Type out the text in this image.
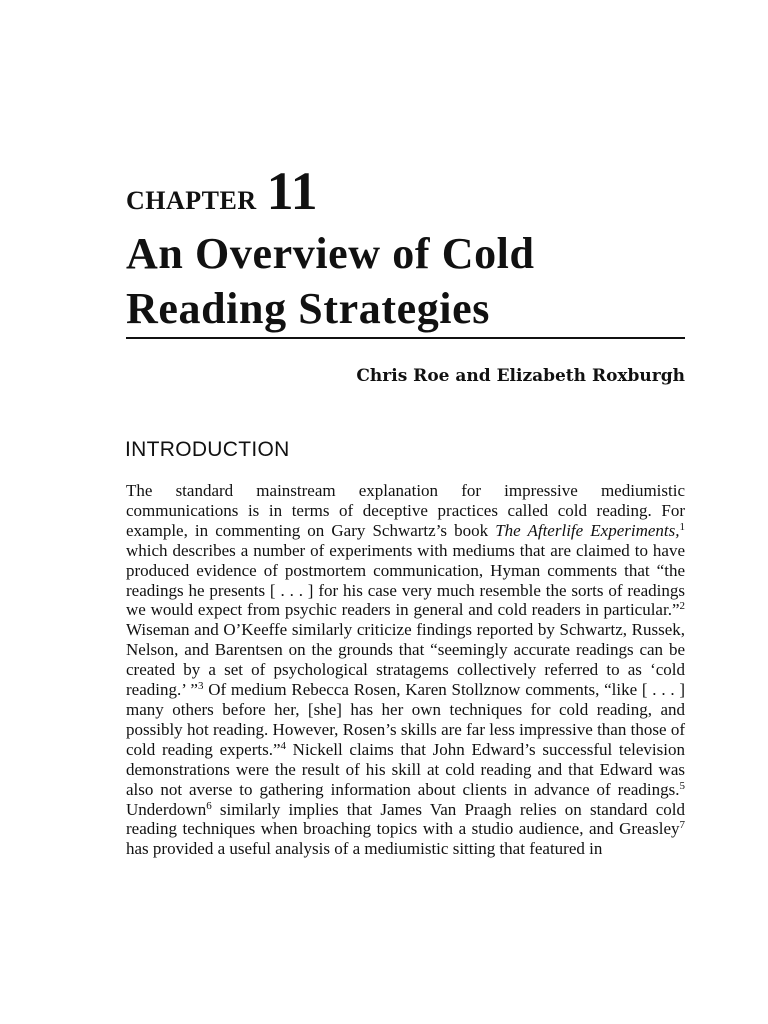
CHAPTER 11
An Overview of Cold
Reading Strategies
Chris Roe and Elizabeth Roxburgh
INTRODUCTION

The standard mainstream explanation for impressive mediumistic communications is in terms of deceptive practices called cold reading. For example, in commenting on Gary Schwartz’s book The Afterlife Experiments,$^1$ which describes a number of experiments with mediums that are claimed to have produced evidence of postmortem communication, Hyman comments that “the readings he presents [ . . . ] for his case very much resemble the sorts of readings we would expect from psychic readers in general and cold readers in particular.”$^2$ Wiseman and O’Keeffe similarly criticize findings reported by Schwartz, Russek, Nelson, and Barentsen on the grounds that “seemingly accurate readings can be created by a set of psychological stratagems collectively referred to as ‘cold reading.’ ”$^3$ Of medium Rebecca Rosen, Karen Stollznow comments, “like [ . . . ] many others before her, [she] has her own techniques for cold reading, and possibly hot reading. However, Rosen’s skills are far less impressive than those of cold reading experts.”$^4$ Nickell claims that John Edward’s successful television demonstrations were the result of his skill at cold reading and that Edward was also not averse to gathering information about clients in advance of readings.$^5$ Underdown$^6$ similarly implies that James Van Praagh relies on standard cold reading techniques when broaching topics with a studio audience, and Greasley$^7$ has provided a useful analysis of a mediumistic sitting that featured in
